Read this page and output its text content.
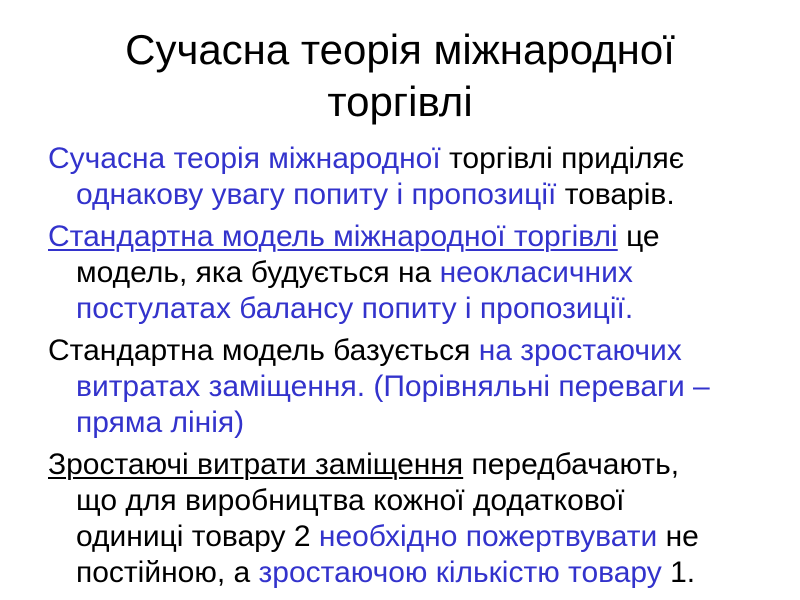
Сучасна теорія міжнародної торгівлі
Сучасна теорія міжнародної торгівлі приділяє
однакову увагу попиту і пропозиції товарів.
Стандартна модель міжнародної торгівлі це
модель, яка будується на неокласичних
постулатах балансу попиту і пропозиції.
Стандартна модель базується на зростаючих
витратах заміщення. (Порівняльні переваги –
пряма лінія)
Зростаючі витрати заміщення передбачають,
що для виробництва кожної додаткової
одиниці товару 2 необхідно пожертвувати не
постійною, а зростаючою кількістю товару 1.
